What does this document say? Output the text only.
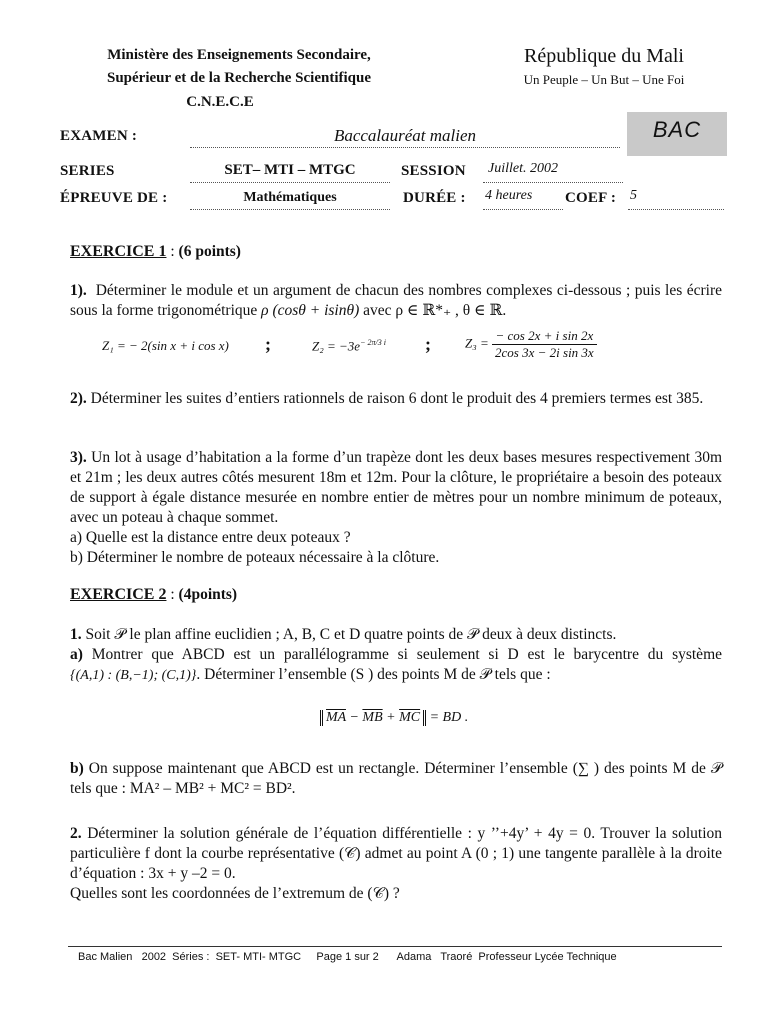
Ministère des Enseignements Secondaire,
Supérieur et de la Recherche Scientifique
C.N.E.C.E
République du Mali
Un Peuple – Un But – Une Foi
EXAMEN :	Baccalauréat malien	BAC
SERIES	SET– MTI – MTGC	SESSION Juillet. 2002
ÉPREUVE DE :	Mathématiques	DURÉE : 4 heures COEF : 5
EXERCICE 1 : (6 points)
1). Déterminer le module et un argument de chacun des nombres complexes ci-dessous ; puis les écrire sous la forme trigonométrique ρ (cosθ + isinθ) avec ρ ∈ ℝ*₊ , θ ∈ ℝ.
Z₁ = − 2(sin x + i cos x) ;	$Z_2 = -3e^{- 2\pi/3 i}$ ;	$Z_3 = \frac{\text{− cos 2x + i sin 2x}}{\text{2cos 3x − 2i sin 3x}}$
2). Déterminer les suites d’entiers rationnels de raison 6 dont le produit des 4 premiers termes est 385.
3). Un lot à usage d’habitation a la forme d’un trapèze dont les deux bases mesures respectivement 30m et 21m ; les deux autres côtés mesurent 18m et 12m. Pour la clôture, le propriétaire a besoin des poteaux de support à égale distance mesurée en nombre entier de mètres pour un nombre minimum de poteaux, avec un poteau à chaque sommet.
a) Quelle est la distance entre deux poteaux ?
b) Déterminer le nombre de poteaux nécessaire à la clôture.
EXERCICE 2 : (4points)
1. Soit 𝒫 le plan affine euclidien ; A, B, C et D quatre points de 𝒫 deux à deux distincts.
a) Montrer que ABCD est un parallélogramme si seulement si D est le barycentre du système {(A,1) : (B,−1); (C,1)}. Déterminer l’ensemble (S ) des points M de 𝒫 tels que :
$\overline{MA} - \overline{MB} + \overline{MC}$ = BD .
b) On suppose maintenant que ABCD est un rectangle. Déterminer l’ensemble (∑ ) des points M de 𝒫 tels que : MA² – MB² + MC² = BD².
2. Déterminer la solution générale de l’équation différentielle : y ’’+4y’ + 4y = 0. Trouver la solution particulière f dont la courbe représentative (𝒞) admet au point A (0 ; 1) une tangente parallèle à la droite d’équation : 3x + y –2 = 0.
Quelles sont les coordonnées de l’extremum de (𝒞) ?
Bac Malien   2002  Séries :  SET- MTI- MTGC     Page 1 sur 2      Adama   Traoré  Professeur Lycée Technique
